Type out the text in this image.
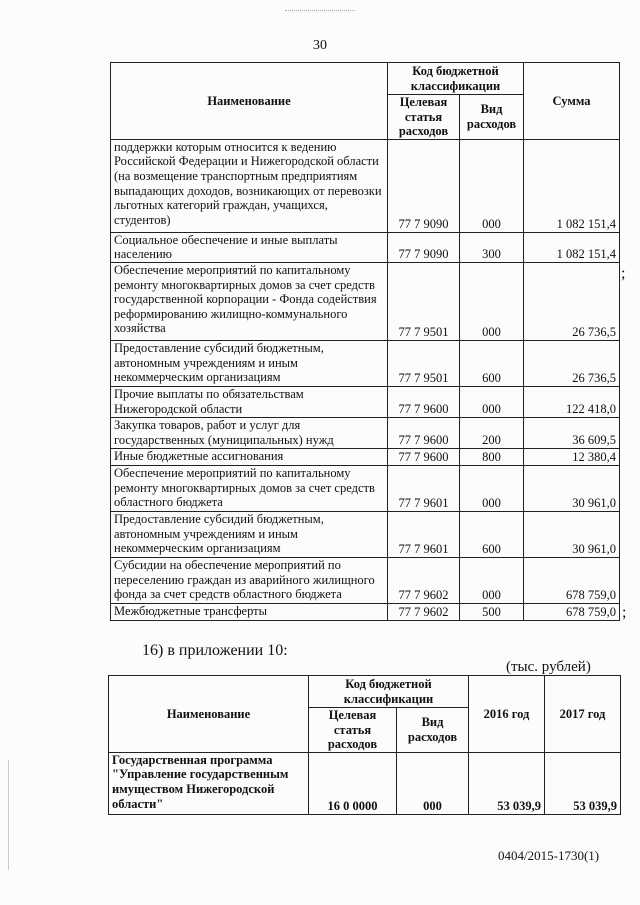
30
Наименование	Код бюджетной классификации		Сумма
	Целевая статья расходов	Вид расходов	
поддержки которым относится к ведению Российской Федерации и Нижегородской области (на возмещение транспортным предприятиям выпадающих доходов, возникающих от перевозки льготных категорий граждан, учащихся, студентов)	77 7 9090	000	1 082 151,4
Социальное обеспечение и иные выплаты населению	77 7 9090	300	1 082 151,4
Обеспечение мероприятий по капитальному ремонту многоквартирных домов за счет средств государственной корпорации - Фонда содействия реформированию жилищно-коммунального хозяйства	77 7 9501	000	26 736,5
Предоставление субсидий бюджетным, автономным учреждениям и иным некоммерческим организациям	77 7 9501	600	26 736,5
Прочие выплаты по обязательствам Нижегородской области	77 7 9600	000	122 418,0
Закупка товаров, работ и услуг для государственных (муниципальных) нужд	77 7 9600	200	36 609,5
Иные бюджетные ассигнования	77 7 9600	800	12 380,4
Обеспечение мероприятий по капитальному ремонту многоквартирных домов за счет средств областного бюджета	77 7 9601	000	30 961,0
Предоставление субсидий бюджетным, автономным учреждениям и иным некоммерческим организациям	77 7 9601	600	30 961,0
Субсидии на обеспечение мероприятий по переселению граждан из аварийного жилищного фонда за счет средств областного бюджета	77 7 9602	000	678 759,0
Межбюджетные трансферты	77 7 9602	500	678 759,0
;
;
16) в приложении 10:
(тыс. рублей)
Наименование	Код бюджетной классификации		2016 год	2017 год
	Целевая статья расходов	Вид расходов		
Государственная программа "Управление государственным имуществом Нижегородской области"	16 0 0000	000	53 039,9	53 039,9
0404/2015-1730(1)
